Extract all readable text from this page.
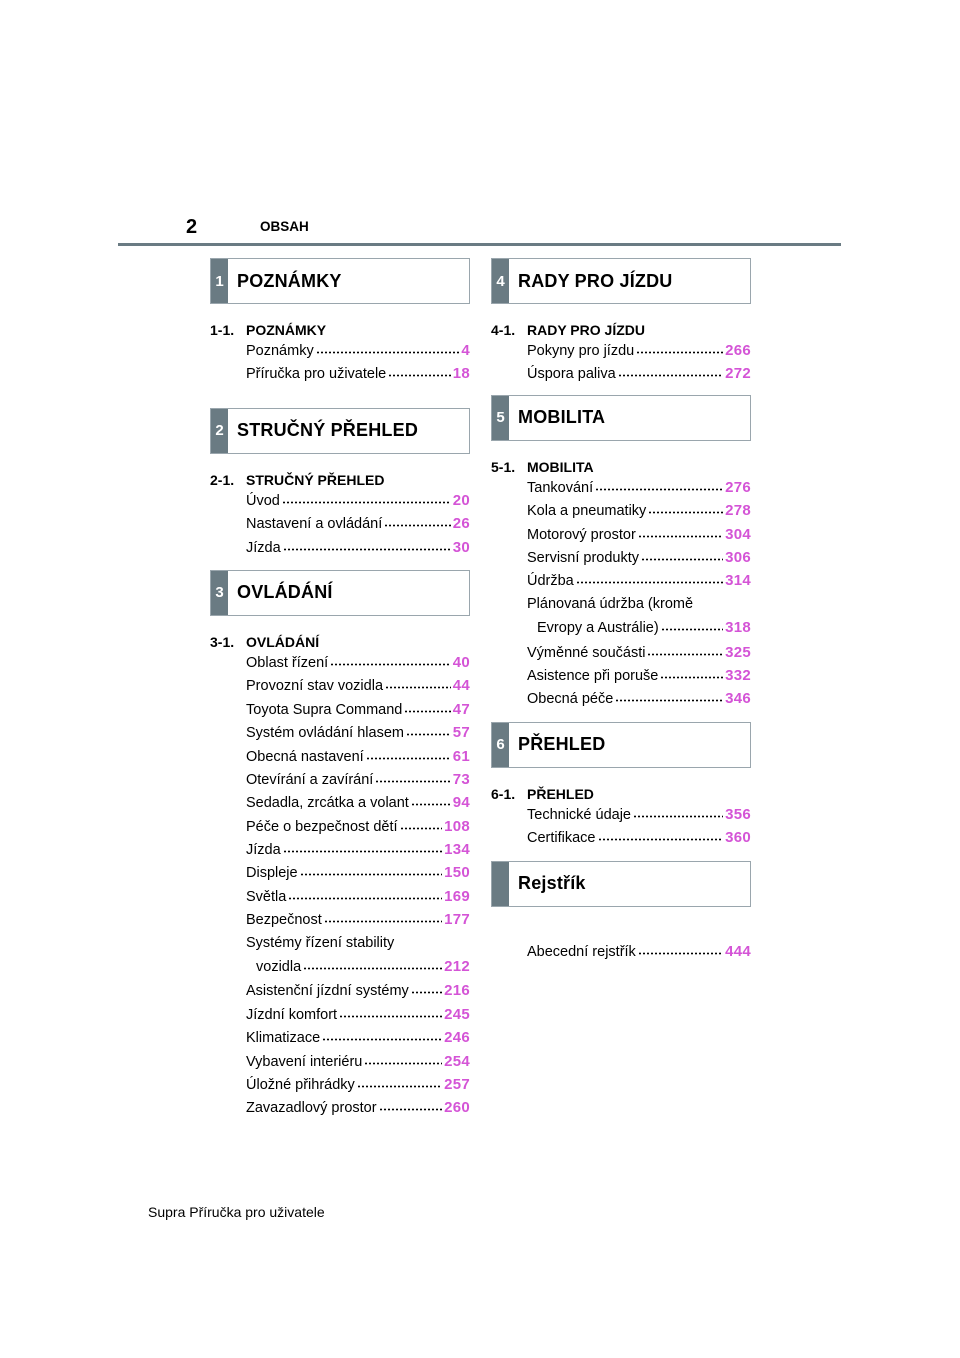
2	OBSAH
1 POZNÁMKY
1-1. POZNÁMKY
Poznámky	4
Příručka pro uživatele	18
2 STRUČNÝ PŘEHLED
2-1. STRUČNÝ PŘEHLED
Úvod	20
Nastavení a ovládání	26
Jízda	30
3 OVLÁDÁNÍ
3-1. OVLÁDÁNÍ
Oblast řízení	40
Provozní stav vozidla	44
Toyota Supra Command	47
Systém ovládání hlasem	57
Obecná nastavení	61
Otevírání a zavírání	73
Sedadla, zrcátka a volant	94
Péče o bezpečnost dětí	108
Jízda	134
Displeje	150
Světla	169
Bezpečnost	177
Systémy řízení stability
vozidla	212
Asistenční jízdní systémy 216
Jízdní komfort	245
Klimatizace	246
Vybavení interiéru	254
Úložné přihrádky	257
Zavazadlový prostor	260
4 RADY PRO JÍZDU
4-1. RADY PRO JÍZDU
Pokyny pro jízdu	266
Úspora paliva	272
5 MOBILITA
5-1. MOBILITA
Tankování	276
Kola a pneumatiky	278
Motorový prostor	304
Servisní produkty	306
Údržba	314
Plánovaná údržba (kromě
Evropy a Austrálie)	318
Výměnné součásti	325
Asistence při poruše	332
Obecná péče	346
6 PŘEHLED
6-1. PŘEHLED
Technické údaje	356
Certifikace	360
Rejstřík
Abecední rejstřík	444
Supra Příručka pro uživatele
